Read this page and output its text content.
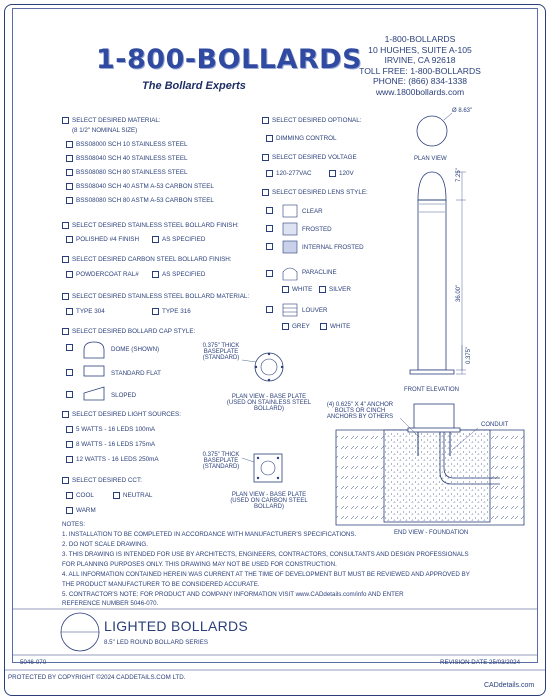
1-800-BOLLARDS
The Bollard Experts
1-800-BOLLARDS
10 HUGHES, SUITE A-105
IRVINE, CA 92618
TOLL FREE: 1-800-BOLLARDS
PHONE: (866) 834-1338
www.1800bollards.com
SELECT DESIRED MATERIAL:
(8 1/2" NOMINAL SIZE)
BSS08000 SCH 10 STAINLESS STEEL
BSS08040 SCH 40 STAINLESS STEEL
BSS08080 SCH 80 STAINLESS STEEL
BSS08040 SCH 40 ASTM A-53 CARBON STEEL
BSS08080 SCH 80 ASTM A-53 CARBON STEEL
SELECT DESIRED STAINLESS STEEL BOLLARD FINISH:
POLISHED #4 FINISH	AS SPECIFIED
SELECT DESIRED CARBON STEEL BOLLARD FINISH:
POWDERCOAT RAL#	AS SPECIFIED
SELECT DESIRED STAINLESS STEEL BOLLARD MATERIAL:
TYPE 304	TYPE 316
SELECT DESIRED BOLLARD CAP STYLE:
DOME (SHOWN)
STANDARD FLAT
SLOPED
SELECT DESIRED LIGHT SOURCES:
5 WATTS - 16 LEDS 100mA
8 WATTS - 16 LEDS 175mA
12 WATTS - 16 LEDS 250mA
SELECT DESIRED CCT:
COOL	NEUTRAL
WARM
SELECT DESIRED OPTIONAL:
DIMMING CONTROL
SELECT DESIRED VOLTAGE
120-277VAC	120V
SELECT DESIRED LENS STYLE:
CLEAR
FROSTED
INTERNAL FROSTED
PARACLINE
WHITE	SILVER
LOUVER
GREY	WHITE
0.375" THICK
BASEPLATE
(STANDARD)
PLAN VIEW - BASE PLATE
(USED ON STAINLESS STEEL
BOLLARD)
0.375" THICK
BASEPLATE
(STANDARD)
PLAN VIEW - BASE PLATE
(USED ON CARBON STEEL
BOLLARD)
Ø 8.63"
PLAN VIEW
7.25"
36.00"
0.375"
FRONT ELEVATION
(4) 0.625" X 4" ANCHOR
BOLTS OR CINCH
ANCHORS BY OTHERS
CONDUIT
END VIEW - FOUNDATION
NOTES:
1. INSTALLATION TO BE COMPLETED IN ACCORDANCE WITH MANUFACTURER'S SPECIFICATIONS.
2. DO NOT SCALE DRAWING.
3. THIS DRAWING IS INTENDED FOR USE BY ARCHITECTS, ENGINEERS, CONTRACTORS, CONSULTANTS AND DESIGN PROFESSIONALS
FOR PLANNING PURPOSES ONLY. THIS DRAWING MAY NOT BE USED FOR CONSTRUCTION.
4. ALL INFORMATION CONTAINED HEREIN WAS CURRENT AT THE TIME OF DEVELOPMENT BUT MUST BE REVIEWED AND APPROVED BY
THE PRODUCT MANUFACTURER TO BE CONSIDERED ACCURATE.
5. CONTRACTOR'S NOTE: FOR PRODUCT AND COMPANY INFORMATION VISIT www.CADdetails.com/info AND ENTER
REFERENCE NUMBER 5046-070.
LIGHTED BOLLARDS
8.5" LED ROUND BOLLARD SERIES
5046-070	REVISION DATE 25/03/2024
PROTECTED BY COPYRIGHT ©2024 CADDETAILS.COM LTD.
CADdetails.com
